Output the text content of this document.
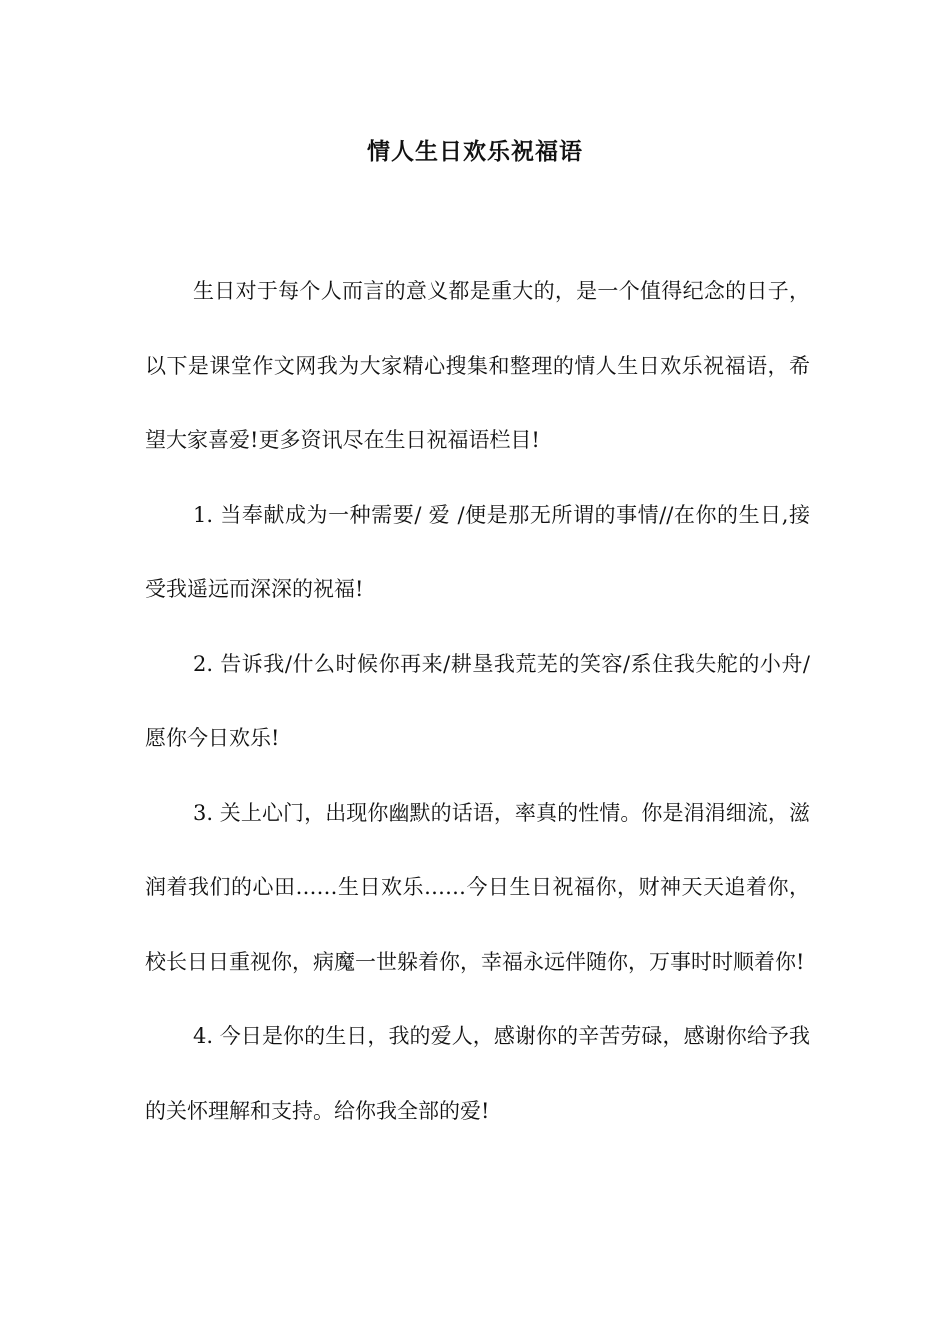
情人生日欢乐祝福语

生日对于每个人而言的意义都是重大的，是一个值得纪念的日子，以下是课堂作文网我为大家精心搜集和整理的情人生日欢乐祝福语，希望大家喜爱!更多资讯尽在生日祝福语栏目!

1. 当奉献成为一种需要/ 爱 /便是那无所谓的事情//在你的生日,接受我遥远而深深的祝福!

2. 告诉我/什么时候你再来/耕垦我荒芜的笑容/系住我失舵的小舟/愿你今日欢乐!

3. 关上心门，出现你幽默的话语，率真的性情。你是涓涓细流，滋润着我们的心田……生日欢乐……今日生日祝福你，财神天天追着你，校长日日重视你，病魔一世躲着你，幸福永远伴随你，万事时时顺着你!

4. 今日是你的生日，我的爱人，感谢你的辛苦劳碌，感谢你给予我的关怀理解和支持。给你我全部的爱!
